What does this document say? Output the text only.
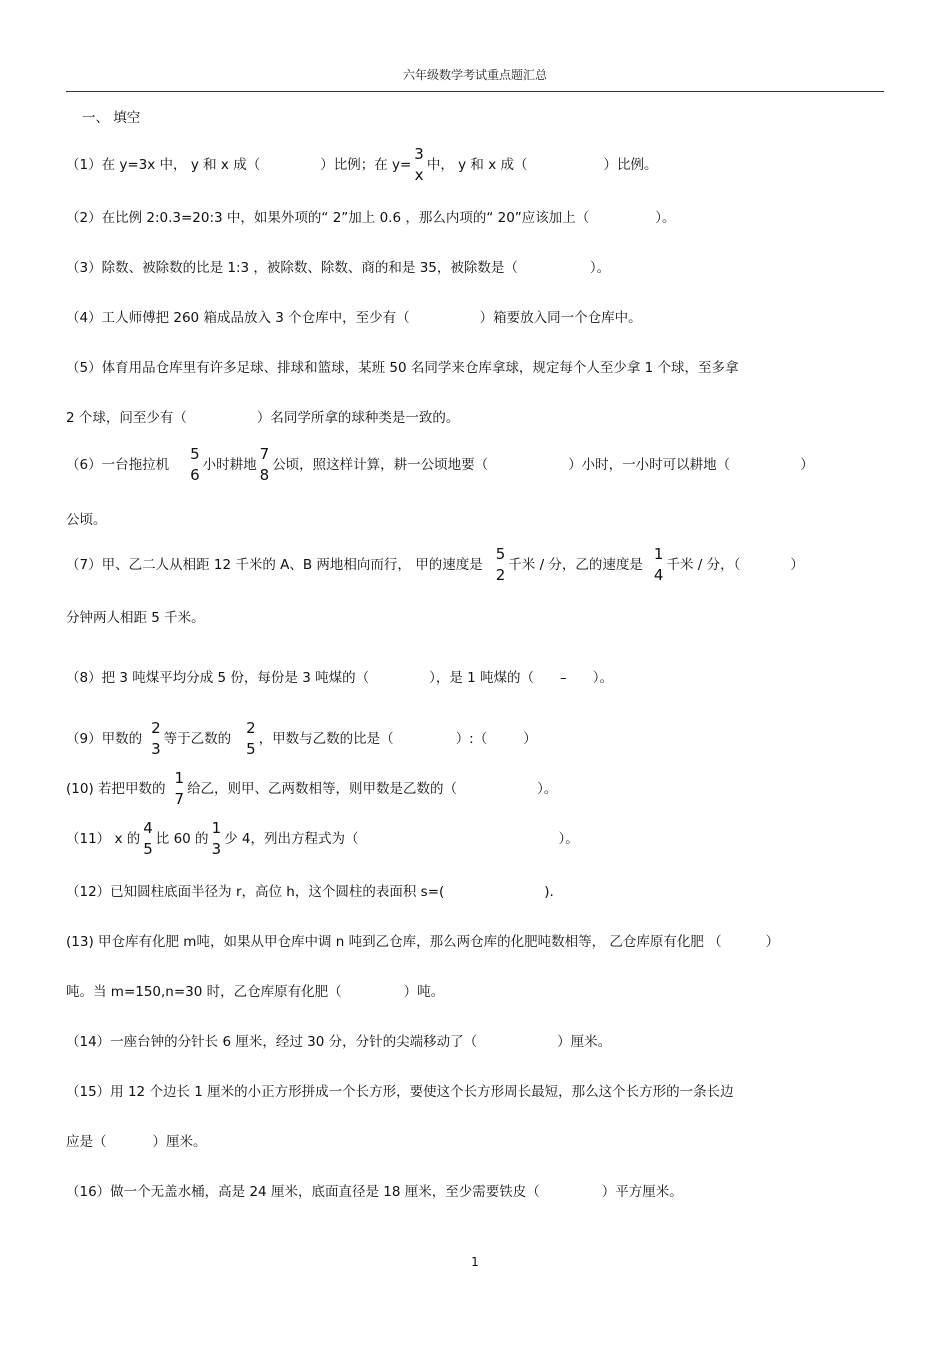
六年级数学考试重点题汇总
一、 填空
（1）在 y=3x 中， y 和 x 成（	）比例；在 y=
3
x
中， y 和 x 成（	）比例。
（2）在比例 2:0.3=20:3 中，如果外项的“ 2”加上 0.6 ，那么内项的“ 20”应该加上（	）。
（3）除数、被除数的比是 1:3 ，被除数、除数、商的和是 35，被除数是（	）。
（4）工人师傅把 260 箱成品放入 3 个仓库中，至少有（	）箱要放入同一个仓库中。
（5）体育用品仓库里有许多足球、排球和篮球，某班 50 名同学来仓库拿球，规定每个人至少拿 1 个球，至多拿
2 个球，问至少有（	）名同学所拿的球种类是一致的。
（6）一台拖拉机
5
6
小时耕地
7
8
公顷，照这样计算，耕一公顷地要（	）小时，一小时可以耕地（	）
公顷。
（7）甲、乙二人从相距 12 千米的 A、B 两地相向而行， 甲的速度是
5
2
千米 / 分，乙的速度是
1
4
千米 / 分，（	）
分钟两人相距 5 千米。
（8）把 3 吨煤平均分成 5 份，每份是 3 吨煤的（	），是 1 吨煤的（ – ）。
（9）甲数的
2
3
等于乙数的
2
5
，甲数与乙数的比是（	）:（	）
(10) 若把甲数的
1
7
给乙，则甲、乙两数相等，则甲数是乙数的（	）。
（11） x 的
4
5
比 60 的
1
3
少 4，列出方程式为（	）。
（12）已知圆柱底面半径为 r，高位 h，这个圆柱的表面积 s=(	).
(13) 甲仓库有化肥 m吨，如果从甲仓库中调 n 吨到乙仓库，那么两仓库的化肥吨数相等， 乙仓库原有化肥 （	）
吨。当 m=150,n=30 时，乙仓库原有化肥（	）吨。
（14）一座台钟的分针长 6 厘米，经过 30 分，分针的尖端移动了（	）厘米。
（15）用 12 个边长 1 厘米的小正方形拼成一个长方形，要使这个长方形周长最短，那么这个长方形的一条长边
应是（	）厘米。
（16）做一个无盖水桶，高是 24 厘米，底面直径是 18 厘米，至少需要铁皮（	）平方厘米。
1
